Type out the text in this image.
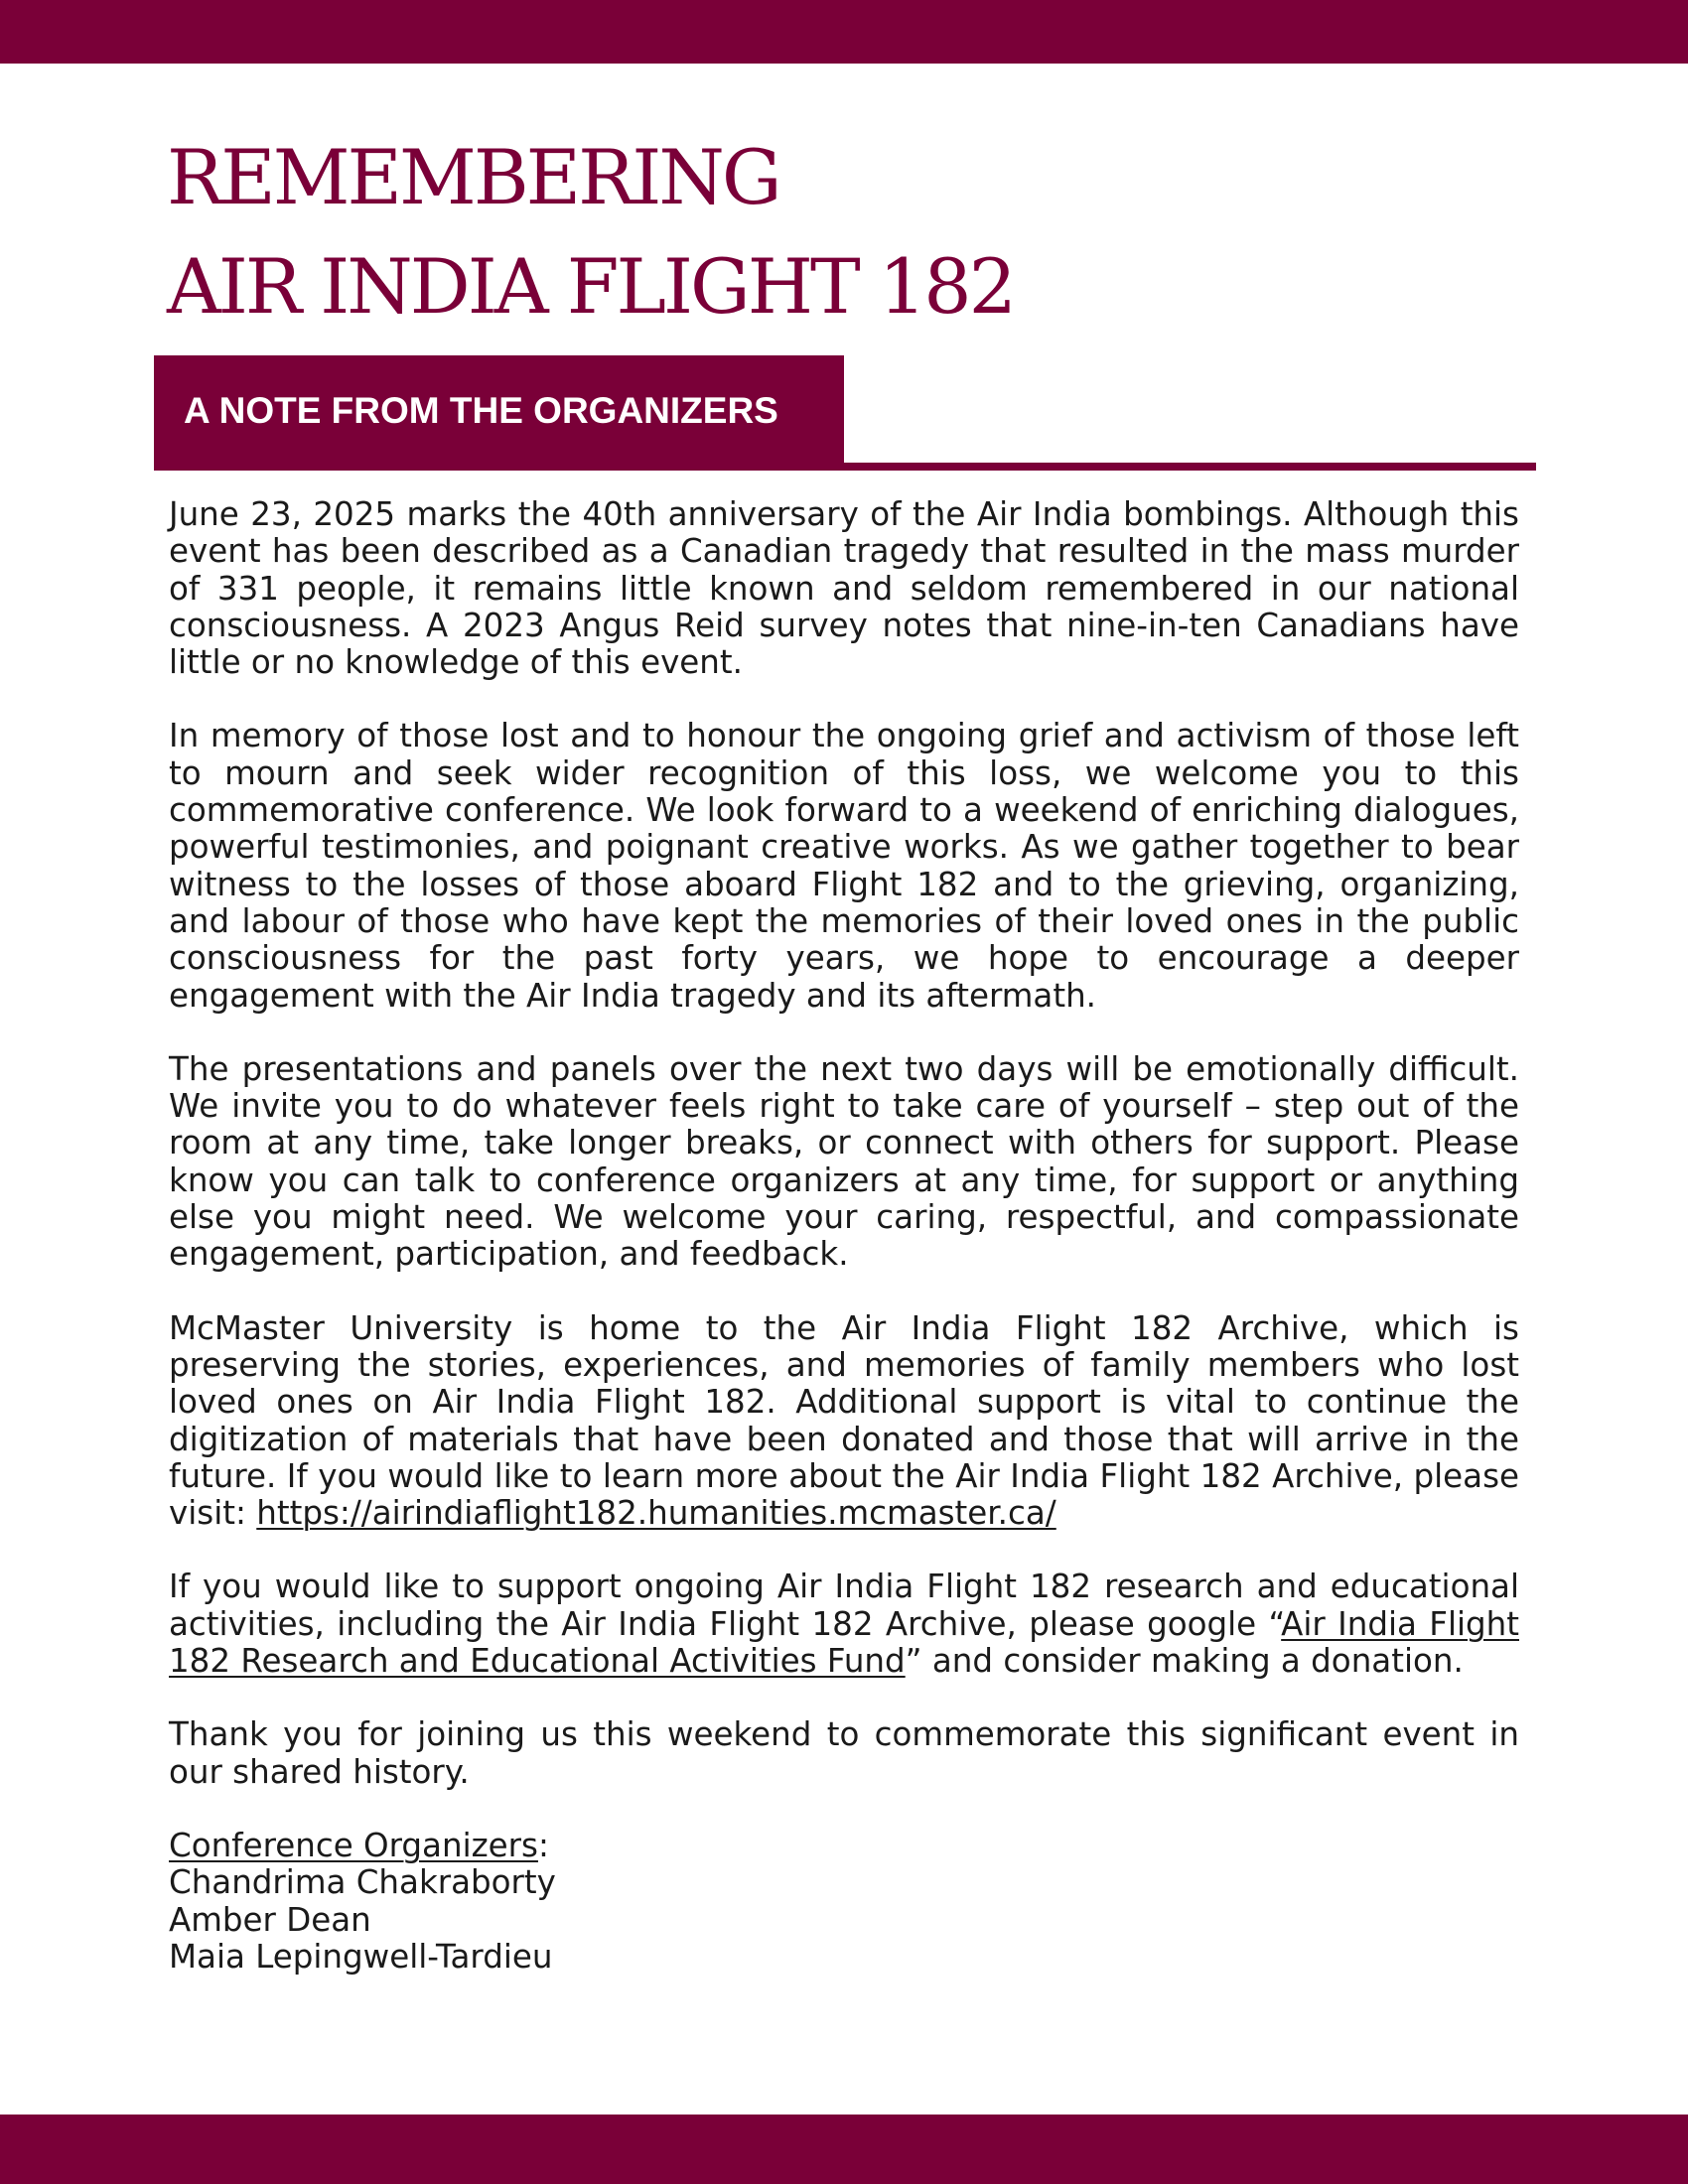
REMEMBERING
AIR INDIA FLIGHT 182
A NOTE FROM THE ORGANIZERS

June 23, 2025 marks the 40th anniversary of the Air India bombings. Although this event has been described as a Canadian tragedy that resulted in the mass murder of 331 people, it remains little known and seldom remembered in our national consciousness. A 2023 Angus Reid survey notes that nine-in-ten Canadians have little or no knowledge of this event.

In memory of those lost and to honour the ongoing grief and activism of those left to mourn and seek wider recognition of this loss, we welcome you to this commemorative conference. We look forward to a weekend of enriching dialogues, powerful testimonies, and poignant creative works. As we gather together to bear witness to the losses of those aboard Flight 182 and to the grieving, organizing, and labour of those who have kept the memories of their loved ones in the public consciousness for the past forty years, we hope to encourage a deeper engagement with the Air India tragedy and its aftermath.

The presentations and panels over the next two days will be emotionally difficult. We invite you to do whatever feels right to take care of yourself – step out of the room at any time, take longer breaks, or connect with others for support. Please know you can talk to conference organizers at any time, for support or anything else you might need. We welcome your caring, respectful, and compassionate engagement, participation, and feedback.

McMaster University is home to the Air India Flight 182 Archive, which is preserving the stories, experiences, and memories of family members who lost loved ones on Air India Flight 182. Additional support is vital to continue the digitization of materials that have been donated and those that will arrive in the future. If you would like to learn more about the Air India Flight 182 Archive, please visit: https://airindiaflight182.humanities.mcmaster.ca/

If you would like to support ongoing Air India Flight 182 research and educational activities, including the Air India Flight 182 Archive, please google “Air India Flight 182 Research and Educational Activities Fund” and consider making a donation.

Thank you for joining us this weekend to commemorate this significant event in our shared history.

Conference Organizers:
Chandrima Chakraborty
Amber Dean
Maia Lepingwell-Tardieu
